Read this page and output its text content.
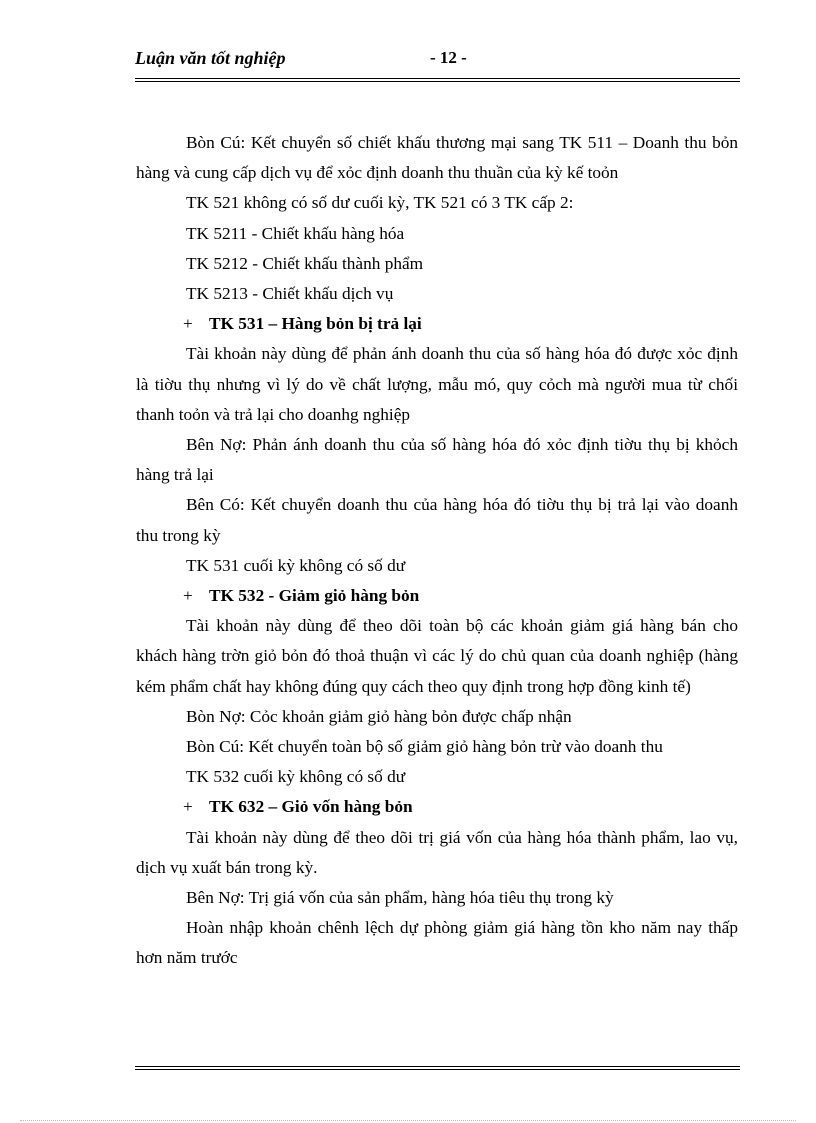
Luận văn tốt nghiệp	- 12 -

Bòn Cú: Kết chuyển số chiết khấu thương mại sang TK 511 – Doanh thu bỏn hàng và cung cấp dịch vụ để xỏc định doanh thu thuần của kỳ kế toỏn

TK 521 không có số dư cuối kỳ, TK 521 có 3 TK cấp 2:

TK 5211 - Chiết khấu hàng hóa

TK 5212 - Chiết khấu thành phẩm

TK 5213 - Chiết khấu dịch vụ

+ TK 531 – Hàng bỏn bị trả lại

Tài khoản này dùng để phản ánh doanh thu của số hàng hóa đó được xỏc định là tiờu thụ nhưng vì lý do về chất lượng, mẫu mó, quy cỏch mà người mua từ chối thanh toỏn và trả lại cho doanhg nghiệp

Bên Nợ: Phản ánh doanh thu của số hàng hóa đó xỏc định tiờu thụ bị khỏch hàng trả lại

Bên Có: Kết chuyển doanh thu của hàng hóa đó tiờu thụ bị trả lại vào doanh thu trong kỳ

TK 531 cuối kỳ không có số dư

+ TK 532 - Giảm giỏ hàng bỏn

Tài khoản này dùng để theo dõi toàn bộ các khoản giảm giá hàng bán cho khách hàng trờn giỏ bỏn đó thoả thuận vì các lý do chủ quan của doanh nghiệp (hàng kém phẩm chất hay không đúng quy cách theo quy định trong hợp đồng kinh tế)

Bòn Nợ: Cỏc khoản giảm giỏ hàng bỏn được chấp nhận

Bòn Cú: Kết chuyển toàn bộ số giảm giỏ hàng bỏn trừ vào doanh thu

TK 532 cuối kỳ không có số dư

+ TK 632 – Giỏ vốn hàng bỏn

Tài khoản này dùng để theo dõi trị giá vốn của hàng hóa thành phẩm, lao vụ, dịch vụ xuất bán trong kỳ.

Bên Nợ: Trị giá vốn của sản phẩm, hàng hóa tiêu thụ trong kỳ

Hoàn nhập khoản chênh lệch dự phòng giảm giá hàng tồn kho năm nay thấp hơn năm trước
